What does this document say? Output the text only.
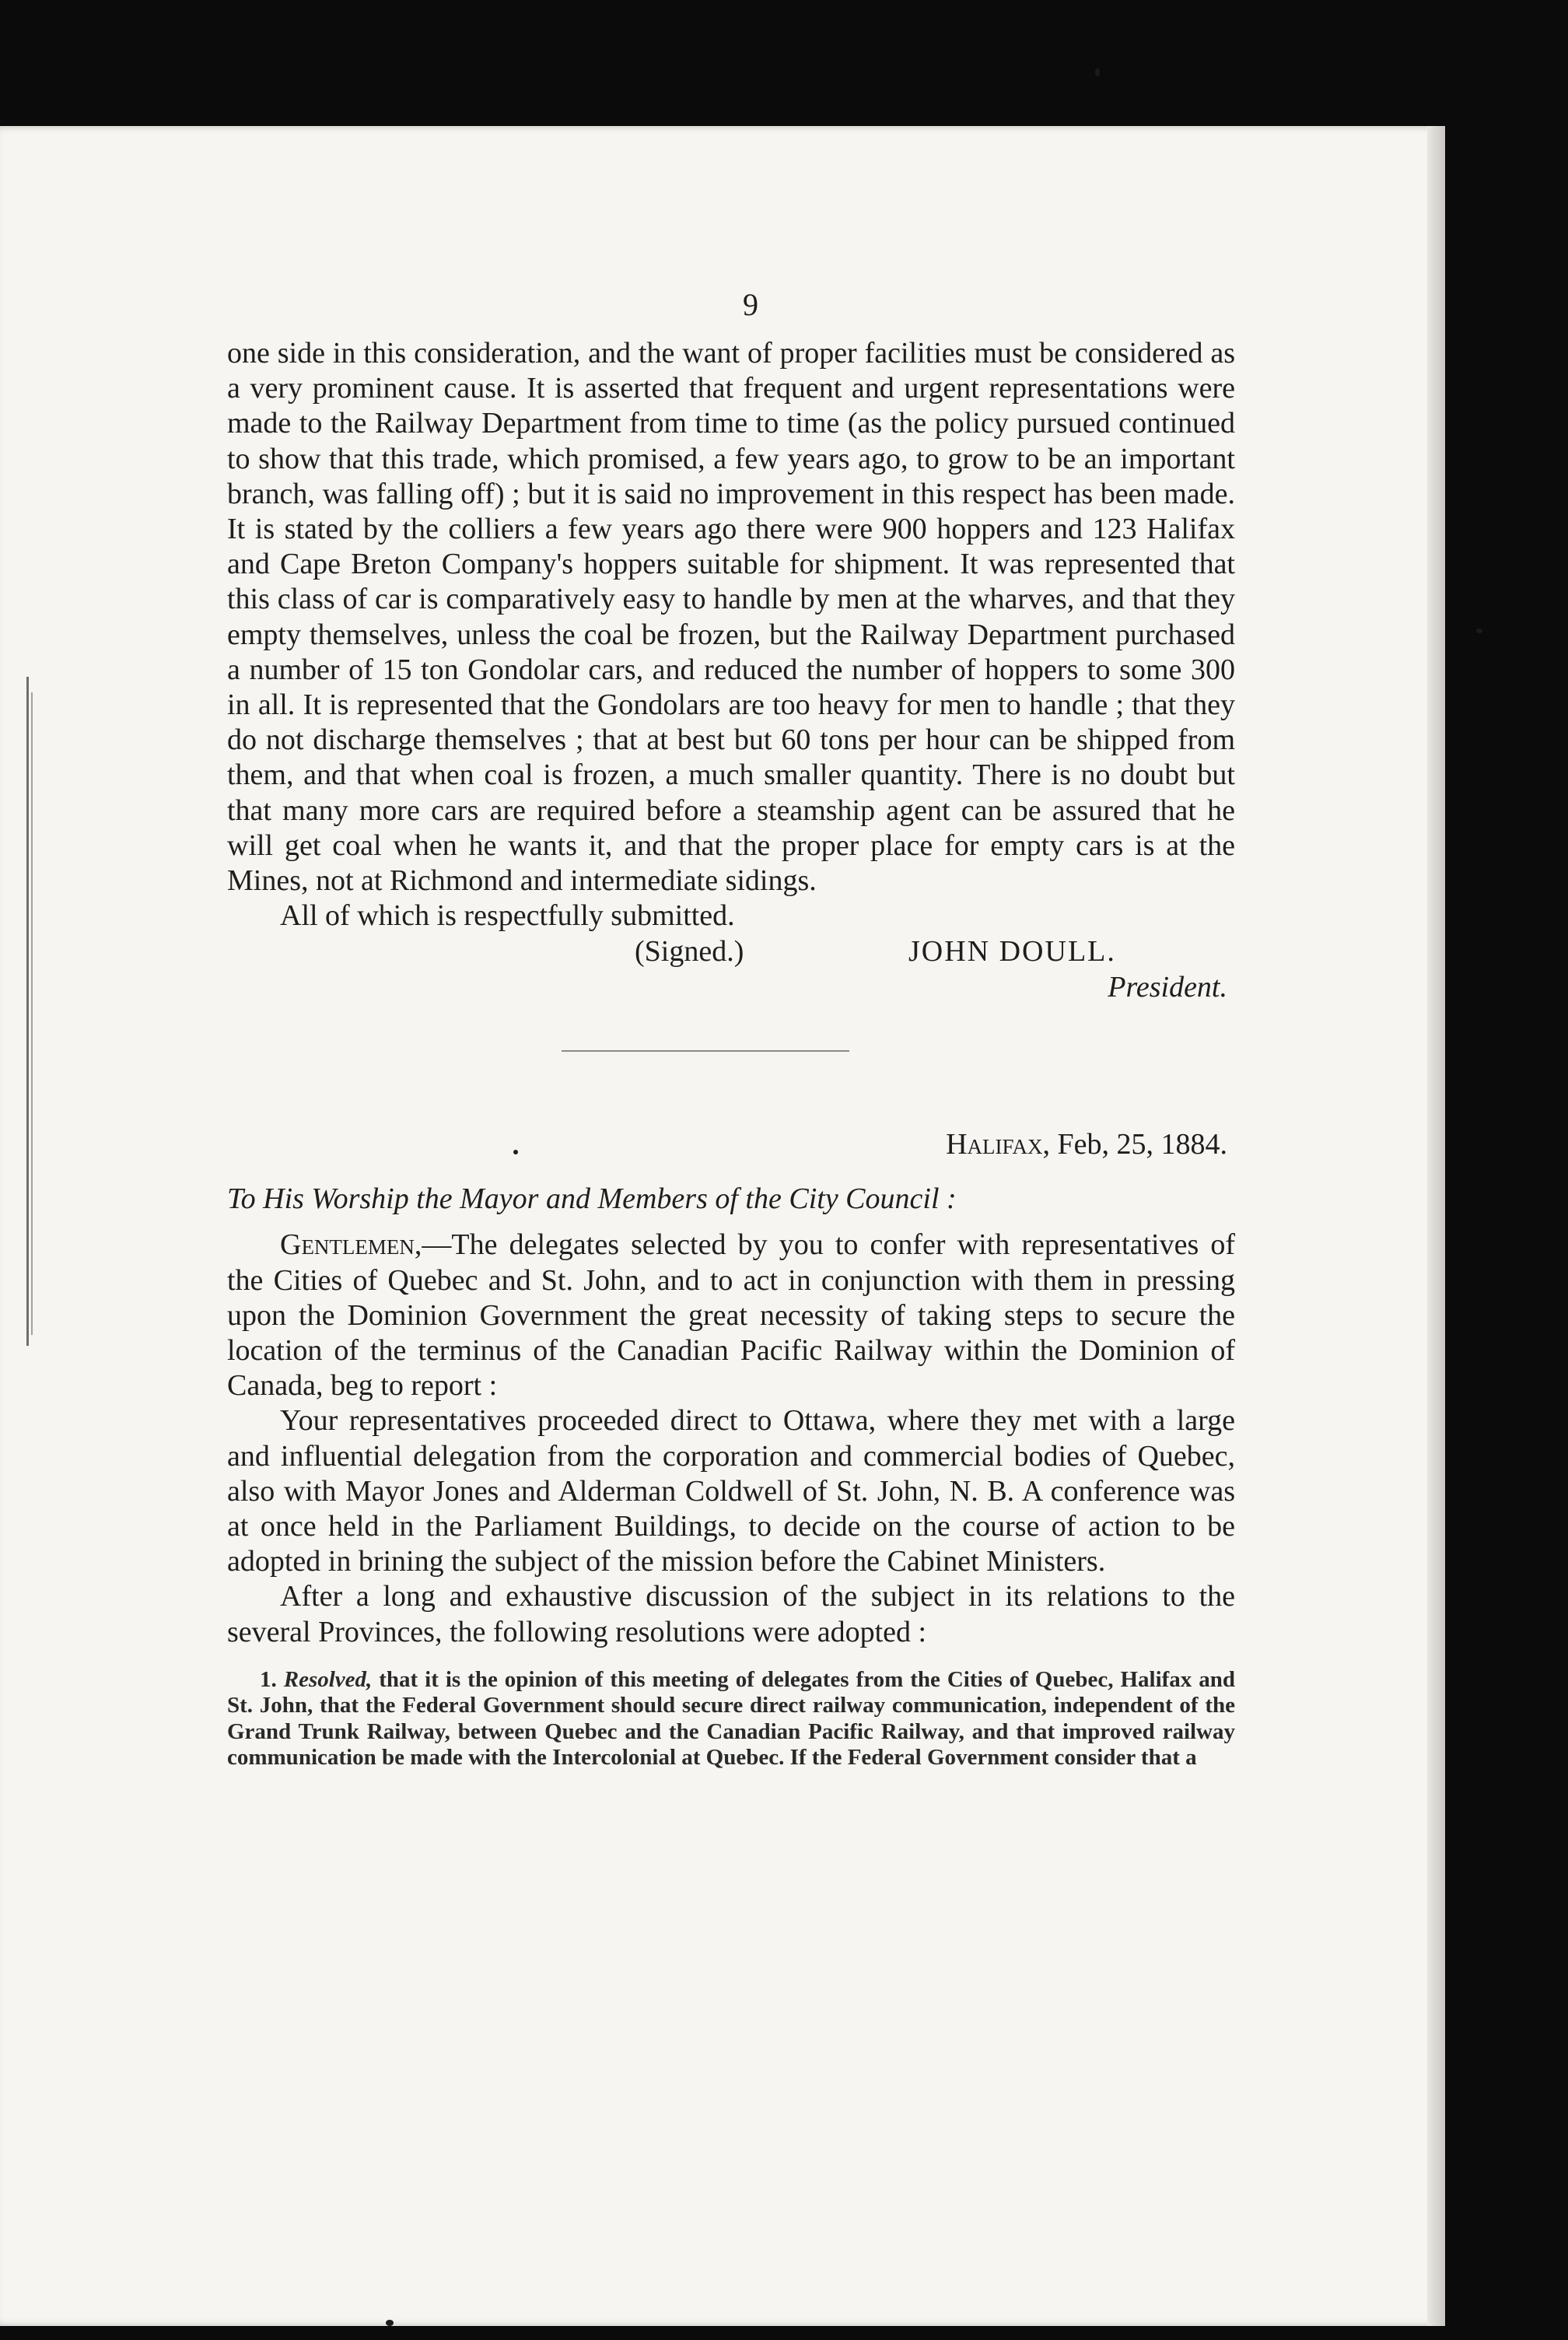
9

one side in this consideration, and the want of proper facilities must be considered as a very prominent cause. It is asserted that frequent and urgent representations were made to the Railway Department from time to time (as the policy pursued continued to show that this trade, which promised, a few years ago, to grow to be an important branch, was falling off) ; but it is said no improvement in this respect has been made. It is stated by the colliers a few years ago there were 900 hoppers and 123 Halifax and Cape Breton Company's hoppers suitable for shipment. It was represented that this class of car is comparatively easy to handle by men at the wharves, and that they empty themselves, unless the coal be frozen, but the Railway Department purchased a number of 15 ton Gondolar cars, and reduced the number of hoppers to some 300 in all. It is represented that the Gondolars are too heavy for men to handle ; that they do not discharge themselves ; that at best but 60 tons per hour can be shipped from them, and that when coal is frozen, a much smaller quantity. There is no doubt but that many more cars are required before a steamship agent can be assured that he will get coal when he wants it, and that the proper place for empty cars is at the Mines, not at Richmond and intermediate sidings.

All of which is respectfully submitted.

(Signed.)	JOHN DOULL.
President.
Halifax, Feb, 25, 1884.
To His Worship the Mayor and Members of the City Council :

Gentlemen,—The delegates selected by you to confer with representatives of the Cities of Quebec and St. John, and to act in conjunction with them in pressing upon the Dominion Government the great necessity of taking steps to secure the location of the terminus of the Canadian Pacific Railway within the Dominion of Canada, beg to report :

Your representatives proceeded direct to Ottawa, where they met with a large and influential delegation from the corporation and commercial bodies of Quebec, also with Mayor Jones and Alderman Coldwell of St. John, N. B. A conference was at once held in the Parliament Buildings, to decide on the course of action to be adopted in brining the subject of the mission before the Cabinet Ministers.

After a long and exhaustive discussion of the subject in its relations to the several Provinces, the following resolutions were adopted :

1. Resolved, that it is the opinion of this meeting of delegates from the Cities of Quebec, Halifax and St. John, that the Federal Government should secure direct railway communication, independent of the Grand Trunk Railway, between Quebec and the Canadian Pacific Railway, and that improved railway communication be made with the Intercolonial at Quebec. If the Federal Government consider that a
